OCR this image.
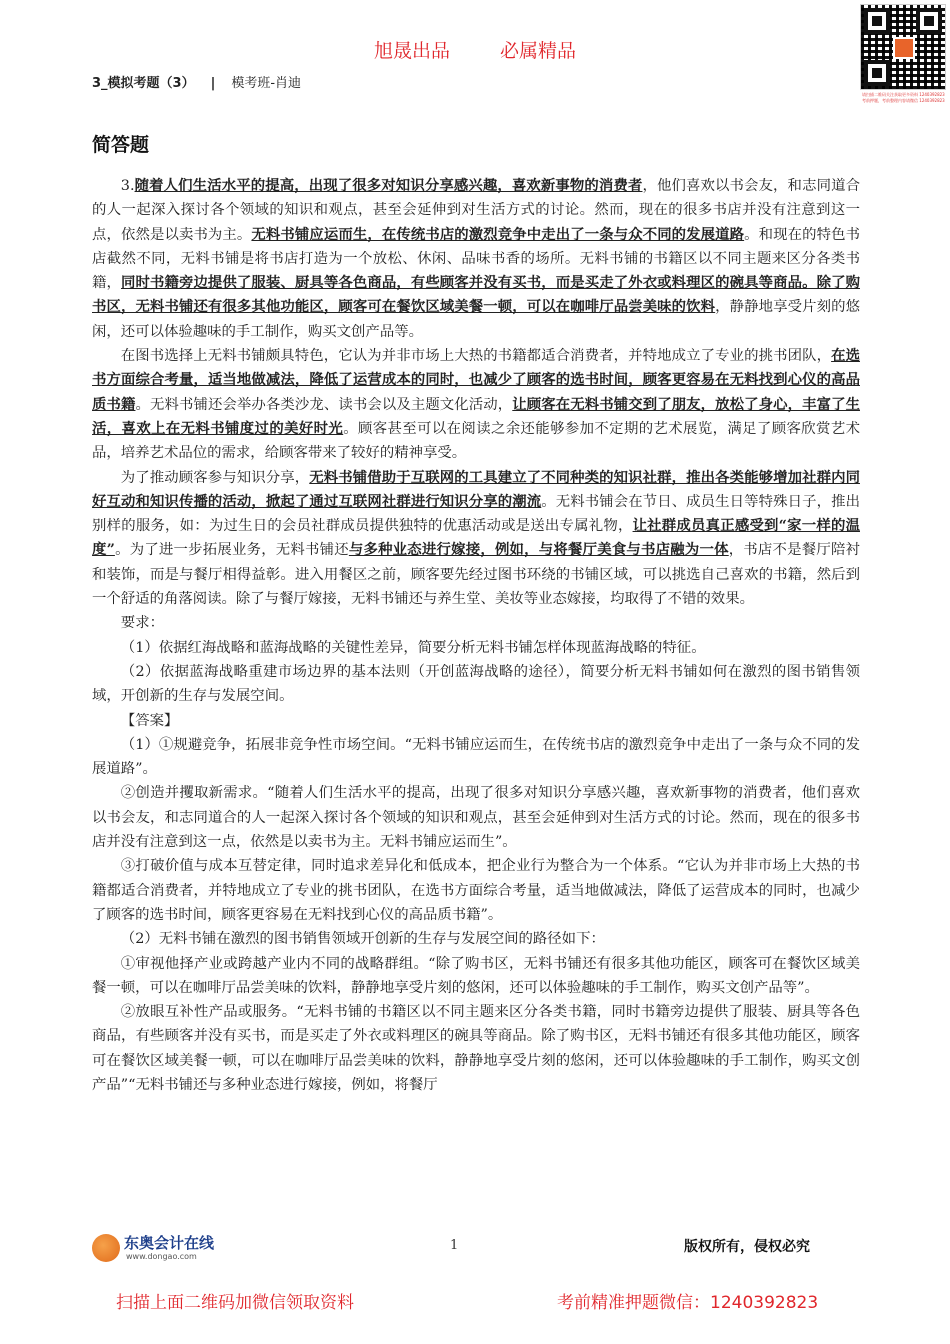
旭晟出品	必属精品
请扫描二维码关注获取更多资料 1240392823 考前押题，考前整理内容请微信 1240392823
3_模拟考题（3） | 模考班-肖迪
简答题

3.随着人们生活水平的提高，出现了很多对知识分享感兴趣，喜欢新事物的消费者，他们喜欢以书会友，和志同道合的人一起深入探讨各个领域的知识和观点，甚至会延伸到对生活方式的讨论。然而，现在的很多书店并没有注意到这一点，依然是以卖书为主。无料书铺应运而生，在传统书店的激烈竞争中走出了一条与众不同的发展道路。和现在的特色书店截然不同，无料书铺是将书店打造为一个放松、休闲、品味书香的场所。无料书铺的书籍区以不同主题来区分各类书籍，同时书籍旁边提供了服装、厨具等各色商品，有些顾客并没有买书，而是买走了外衣或料理区的碗具等商品。除了购书区，无料书铺还有很多其他功能区，顾客可在餐饮区域美餐一顿，可以在咖啡厅品尝美味的饮料，静静地享受片刻的悠闲，还可以体验趣味的手工制作，购买文创产品等。

在图书选择上无料书铺颇具特色，它认为并非市场上大热的书籍都适合消费者，并特地成立了专业的挑书团队，在选书方面综合考量，适当地做减法，降低了运营成本的同时，也减少了顾客的选书时间，顾客更容易在无料找到心仪的高品质书籍。无料书铺还会举办各类沙龙、读书会以及主题文化活动，让顾客在无料书铺交到了朋友，放松了身心，丰富了生活，喜欢上在无料书铺度过的美好时光。顾客甚至可以在阅读之余还能够参加不定期的艺术展览，满足了顾客欣赏艺术品，培养艺术品位的需求，给顾客带来了较好的精神享受。

为了推动顾客参与知识分享，无料书铺借助于互联网的工具建立了不同种类的知识社群，推出各类能够增加社群内同好互动和知识传播的活动，掀起了通过互联网社群进行知识分享的潮流。无料书铺会在节日、成员生日等特殊日子，推出别样的服务，如：为过生日的会员社群成员提供独特的优惠活动或是送出专属礼物，让社群成员真正感受到“家一样的温度”。为了进一步拓展业务，无料书铺还与多种业态进行嫁接，例如，与将餐厅美食与书店融为一体，书店不是餐厅陪衬和装饰，而是与餐厅相得益彰。进入用餐区之前，顾客要先经过图书环绕的书铺区域，可以挑选自己喜欢的书籍，然后到一个舒适的角落阅读。除了与餐厅嫁接，无料书铺还与养生堂、美妆等业态嫁接，均取得了不错的效果。

要求：

（1）依据红海战略和蓝海战略的关键性差异，简要分析无料书铺怎样体现蓝海战略的特征。

（2）依据蓝海战略重建市场边界的基本法则（开创蓝海战略的途径），简要分析无料书铺如何在激烈的图书销售领域，开创新的生存与发展空间。

【答案】

（1）①规避竞争，拓展非竞争性市场空间。“无料书铺应运而生，在传统书店的激烈竞争中走出了一条与众不同的发展道路”。

②创造并攫取新需求。“随着人们生活水平的提高，出现了很多对知识分享感兴趣，喜欢新事物的消费者，他们喜欢以书会友，和志同道合的人一起深入探讨各个领域的知识和观点，甚至会延伸到对生活方式的讨论。然而，现在的很多书店并没有注意到这一点，依然是以卖书为主。无料书铺应运而生”。

③打破价值与成本互替定律，同时追求差异化和低成本，把企业行为整合为一个体系。“它认为并非市场上大热的书籍都适合消费者，并特地成立了专业的挑书团队，在选书方面综合考量，适当地做减法，降低了运营成本的同时，也减少了顾客的选书时间，顾客更容易在无料找到心仪的高品质书籍”。

（2）无料书铺在激烈的图书销售领域开创新的生存与发展空间的路径如下：

①审视他择产业或跨越产业内不同的战略群组。“除了购书区，无料书铺还有很多其他功能区，顾客可在餐饮区域美餐一顿，可以在咖啡厅品尝美味的饮料，静静地享受片刻的悠闲，还可以体验趣味的手工制作，购买文创产品等”。

②放眼互补性产品或服务。“无料书铺的书籍区以不同主题来区分各类书籍，同时书籍旁边提供了服装、厨具等各色商品，有些顾客并没有买书，而是买走了外衣或料理区的碗具等商品。除了购书区，无料书铺还有很多其他功能区，顾客可在餐饮区域美餐一顿，可以在咖啡厅品尝美味的饮料，静静地享受片刻的悠闲，还可以体验趣味的手工制作，购买文创产品”“无料书铺还与多种业态进行嫁接，例如，将餐厅

东奥会计在线
www.dongao.com
1	版权所有，侵权必究
扫描上面二维码加微信领取资料	考前精准押题微信：1240392823
